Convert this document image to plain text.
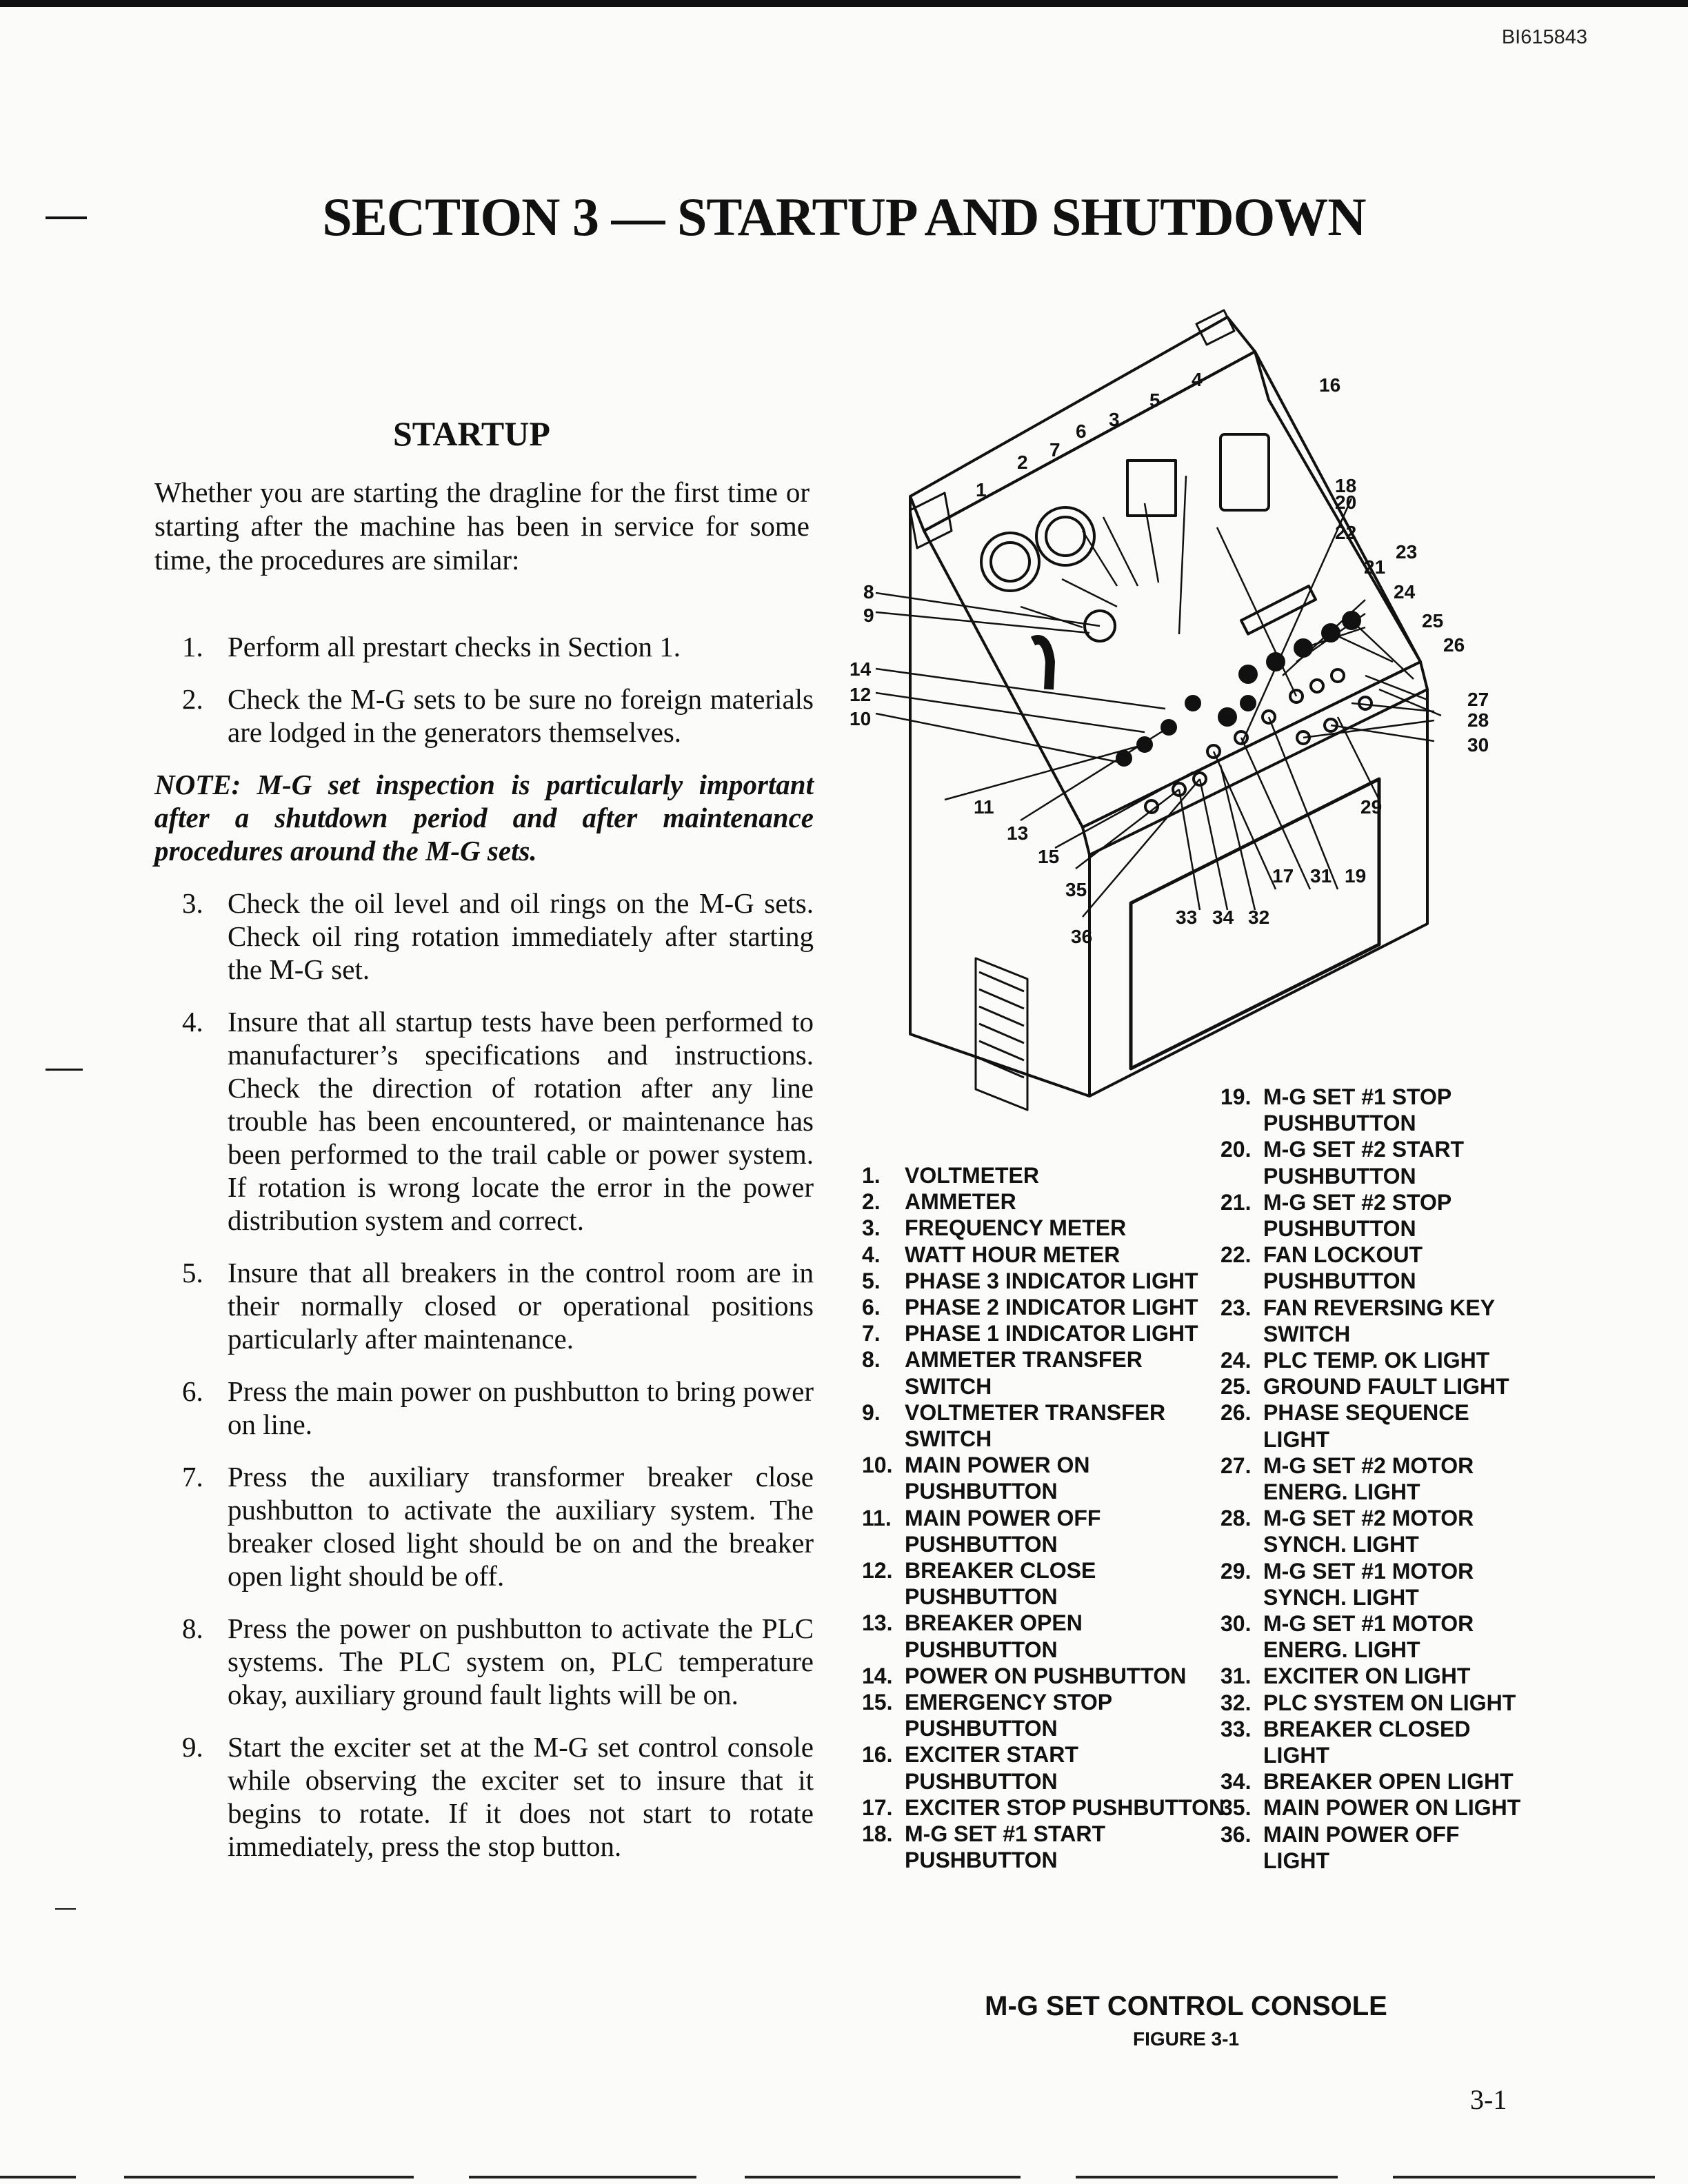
BI615843
SECTION 3 — STARTUP AND SHUTDOWN
STARTUP
Whether you are starting the dragline for the first time or starting after the machine has been in service for some time, the procedures are similar:
1. Perform all prestart checks in Section 1.
2. Check the M-G sets to be sure no foreign materials are lodged in the generators themselves.
NOTE: M-G set inspection is particularly important after a shutdown period and after maintenance procedures around the M-G sets.
3. Check the oil level and oil rings on the M-G sets. Check oil ring rotation immediately after starting the M-G set.
4. Insure that all startup tests have been performed to manufacturer’s specifications and instructions. Check the direction of rotation after any line trouble has been encountered, or maintenance has been performed to the trail cable or power system. If rotation is wrong locate the error in the power distribution system and correct.
5. Insure that all breakers in the control room are in their normally closed or operational positions particularly after maintenance.
6. Press the main power on pushbutton to bring power on line.
7. Press the auxiliary transformer breaker close pushbutton to activate the auxiliary system. The breaker closed light should be on and the breaker open light should be off.
8. Press the power on pushbutton to activate the PLC systems. The PLC system on, PLC temperature okay, auxiliary ground fault lights will be on.
9. Start the exciter set at the M-G set control console while observing the exciter set to insure that it begins to rotate. If it does not start to rotate immediately, press the stop button.
1
2
3
4
5
6
7
8
9
10
11
12
13
14
15
16
17
18
19
20
21
22
23
24
25
26
27
28
29
30
31
32
33 34
35
36
19. M-G SET #1 STOP PUSHBUTTON
20. M-G SET #2 START PUSHBUTTON
21. M-G SET #2 STOP PUSHBUTTON
22. FAN LOCKOUT PUSHBUTTON
23. FAN REVERSING KEY SWITCH
24. PLC TEMP. OK LIGHT
25. GROUND FAULT LIGHT
26. PHASE SEQUENCE LIGHT
27. M-G SET #2 MOTOR ENERG. LIGHT
28. M-G SET #2 MOTOR SYNCH. LIGHT
29. M-G SET #1 MOTOR SYNCH. LIGHT
30. M-G SET #1 MOTOR ENERG. LIGHT
31. EXCITER ON LIGHT
32. PLC SYSTEM ON LIGHT
33. BREAKER CLOSED LIGHT
34. BREAKER OPEN LIGHT
35. MAIN POWER ON LIGHT
36. MAIN POWER OFF LIGHT
1. VOLTMETER
2. AMMETER
3. FREQUENCY METER
4. WATT HOUR METER
5. PHASE 3 INDICATOR LIGHT
6. PHASE 2 INDICATOR LIGHT
7. PHASE 1 INDICATOR LIGHT
8. AMMETER TRANSFER SWITCH
9. VOLTMETER TRANSFER SWITCH
10. MAIN POWER ON PUSHBUTTON
11. MAIN POWER OFF PUSHBUTTON
12. BREAKER CLOSE PUSHBUTTON
13. BREAKER OPEN PUSHBUTTON
14. POWER ON PUSHBUTTON
15. EMERGENCY STOP PUSHBUTTON
16. EXCITER START PUSHBUTTON
17. EXCITER STOP PUSHBUTTON
18. M-G SET #1 START PUSHBUTTON
M-G SET CONTROL CONSOLE
FIGURE 3-1
3-1
